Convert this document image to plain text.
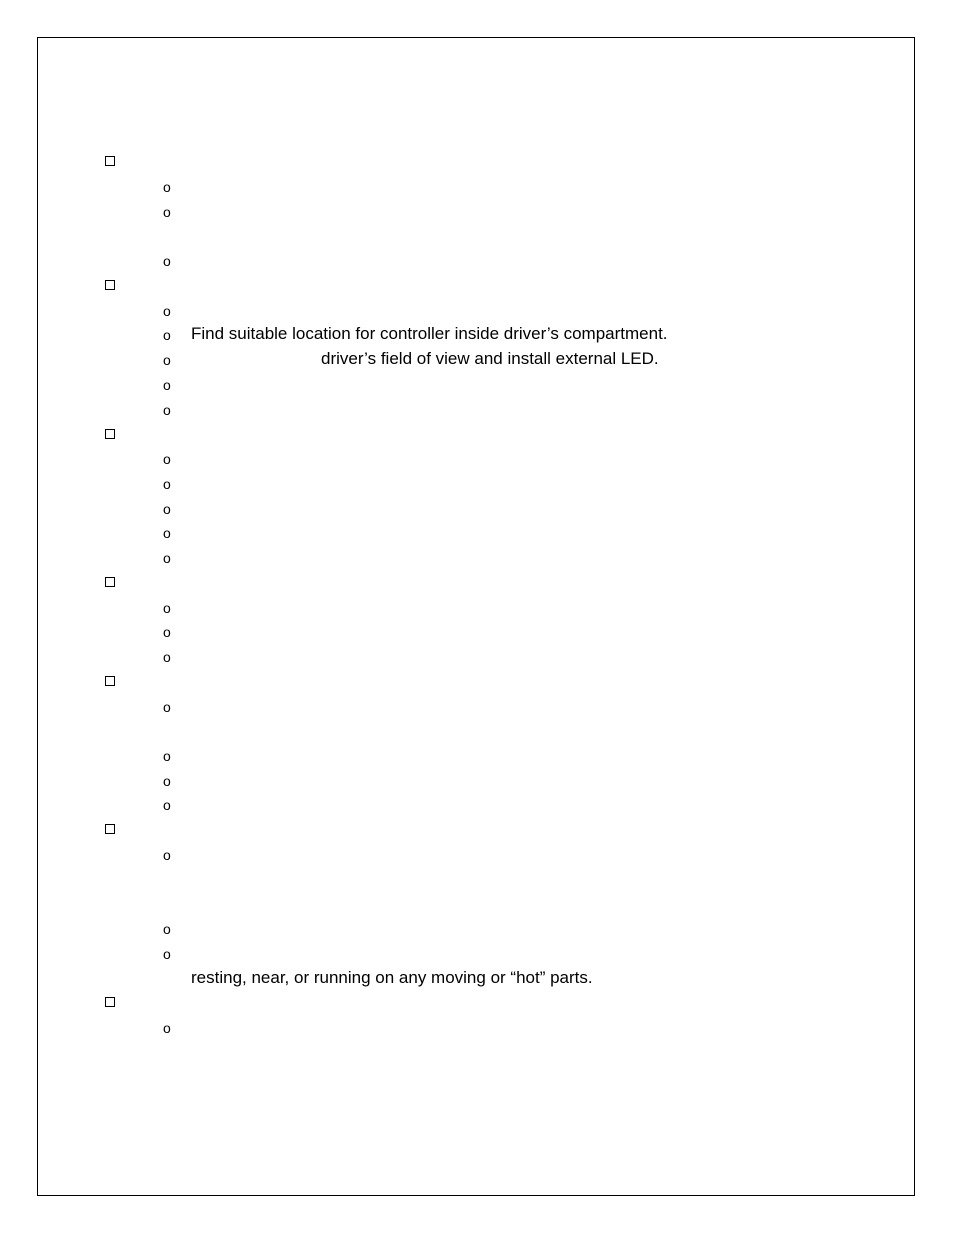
o
o
o
o
o Find suitable location for controller inside driver’s compartment.
o	driver’s field of view and install external LED.
o
o
o
o
o
o
o
o
o
o
o
o
o
o
o
o
o
resting, near, or running on any moving or “hot” parts.
o
